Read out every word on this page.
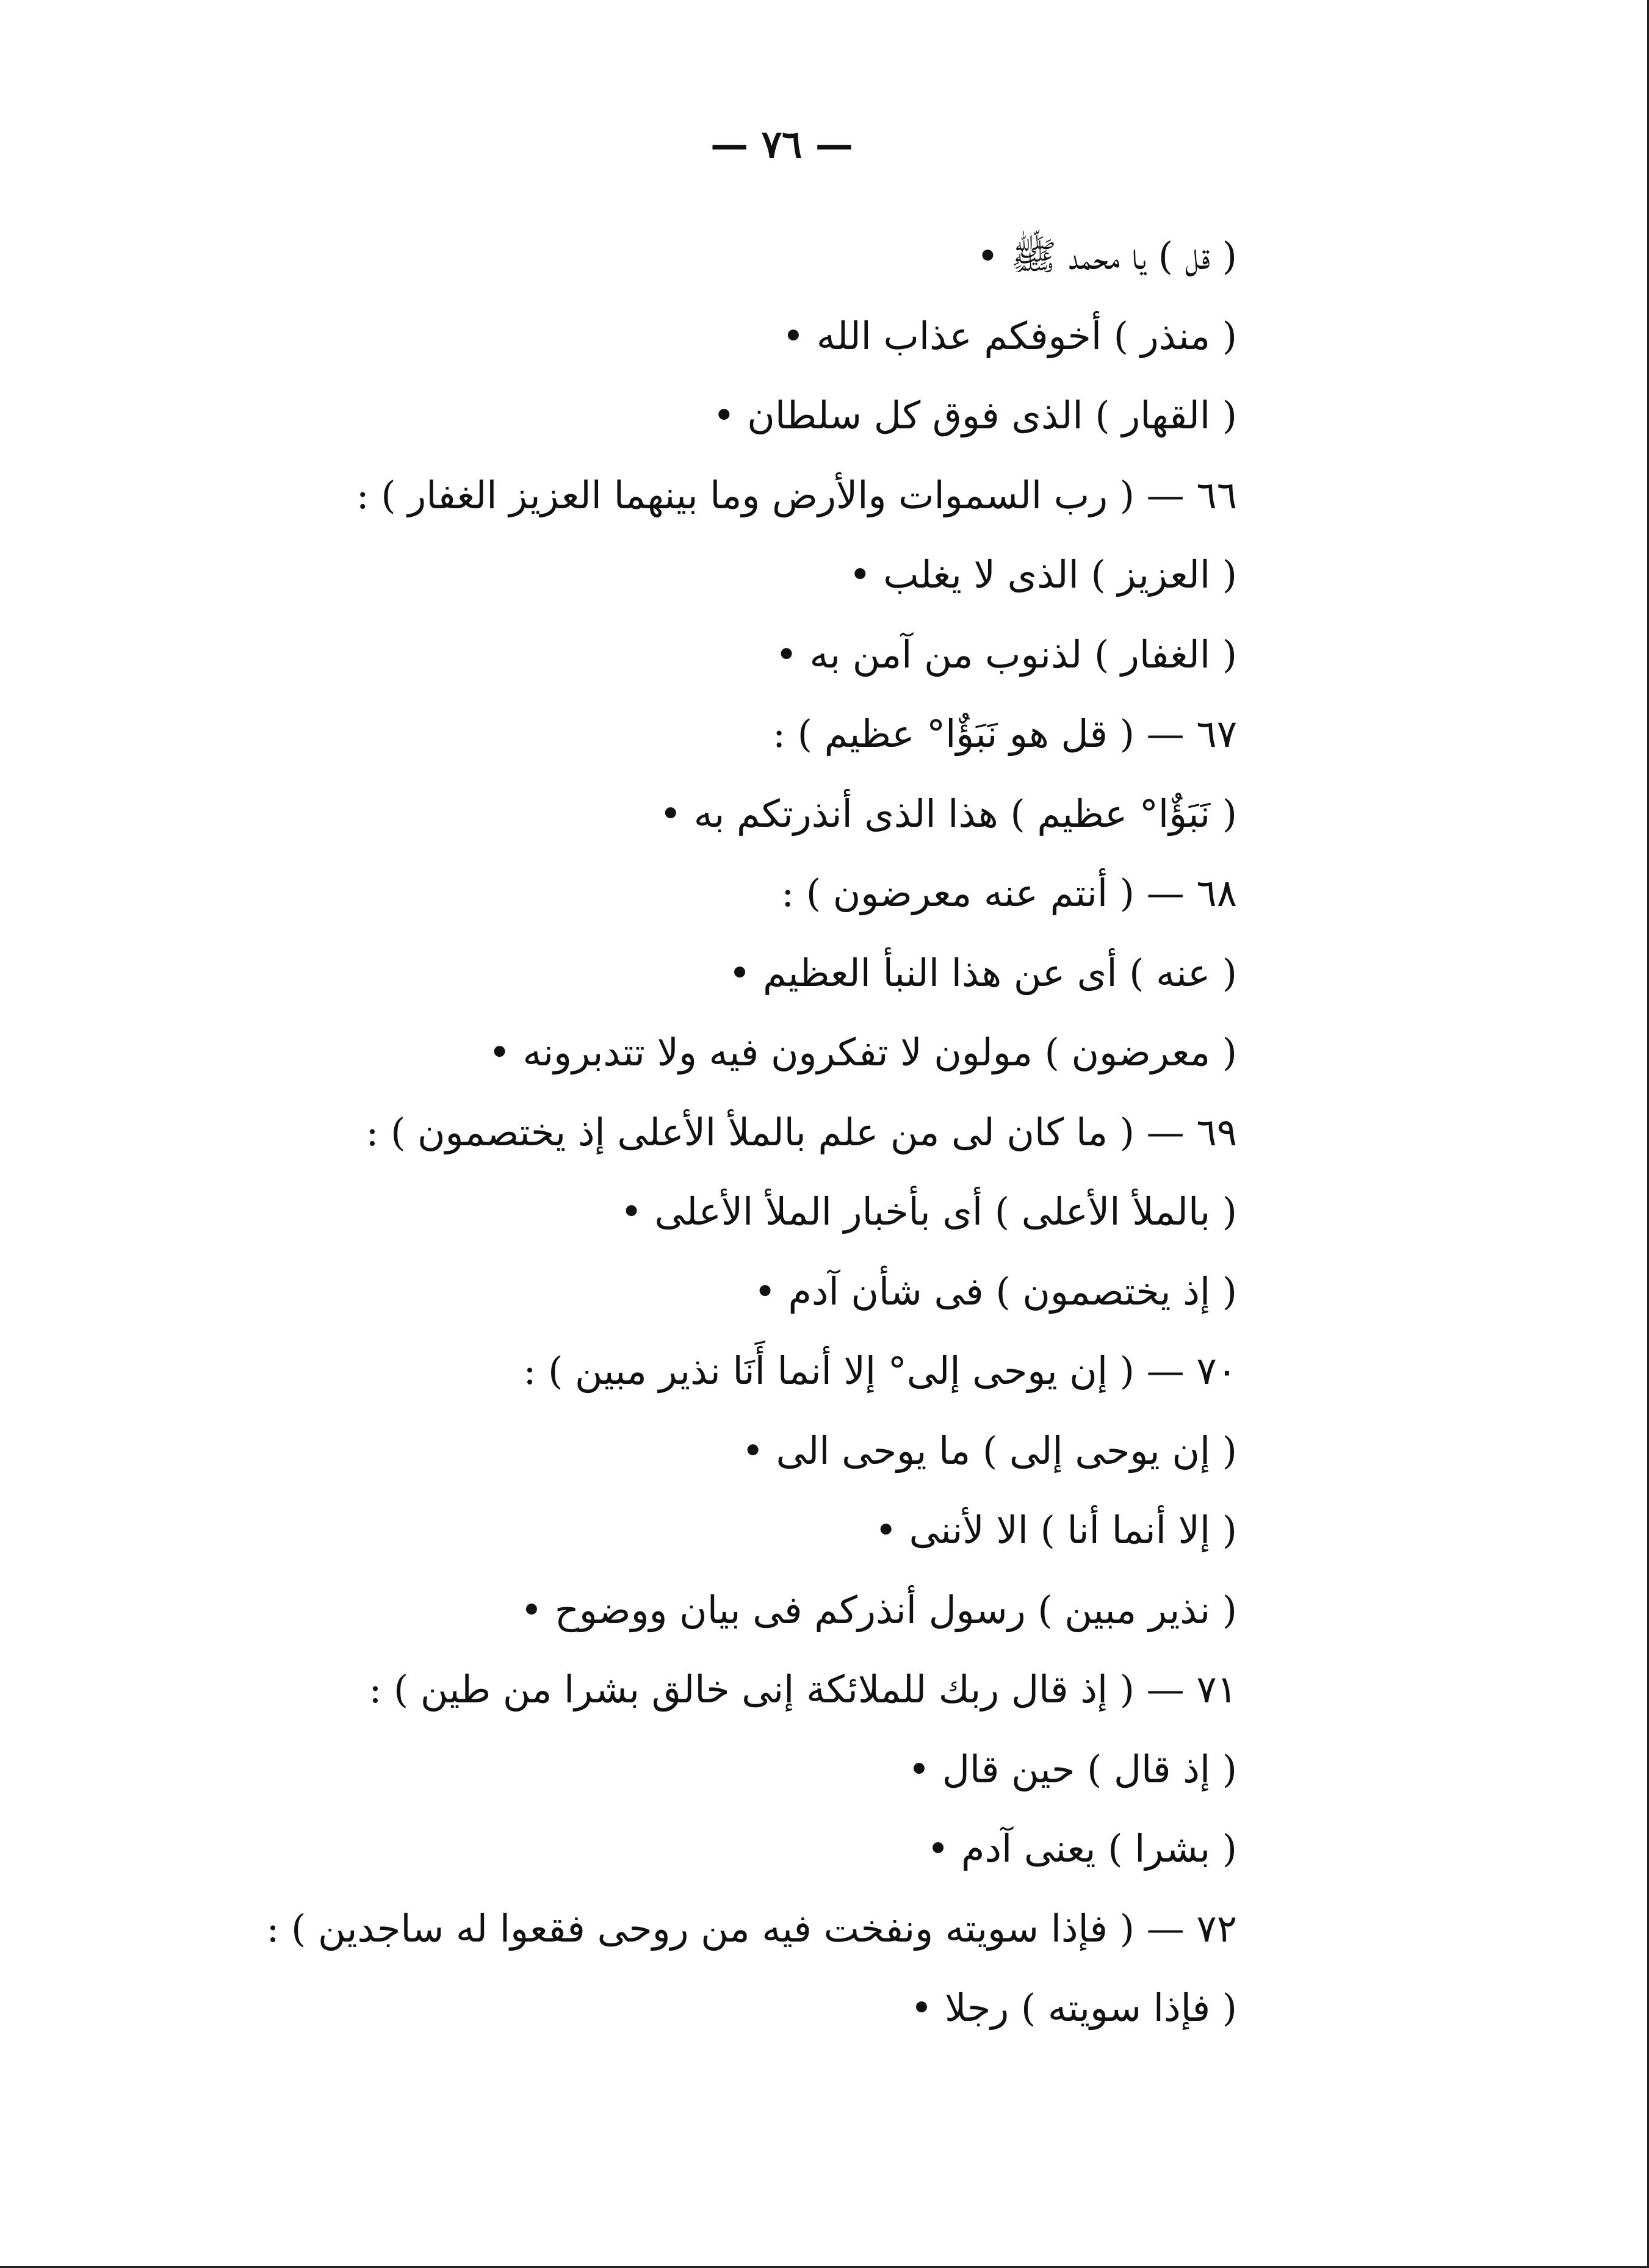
— ٧٦ —
( قل ) يا محمد ﷺ •
( منذر ) أخوفكم عذاب الله •
( القهار ) الذى فوق كل سلطان •
٦٦ — ( رب السموات والأرض وما بينهما العزيز الغفار ) :
( العزيز ) الذى لا يغلب •
( الغفار ) لذنوب من آمن به •
٦٧ — ( قل هو نَبَؤٌا° عظيم ) :
( نَبَؤٌا° عظيم ) هذا الذى أنذرتكم به •
٦٨ — ( أنتم عنه معرضون ) :
( عنه ) أى عن هذا النبأ العظيم •
( معرضون ) مولون لا تفكرون فيه ولا تتدبرونه •
٦٩ — ( ما كان لى من علم بالملأ الأعلى إذ يختصمون ) :
( بالملأ الأعلى ) أى بأخبار الملأ الأعلى •
( إذ يختصمون ) فى شأن آدم •
٧٠ — ( إن يوحى إلى° إلا أنما أَنَا نذير مبين ) :
( إن يوحى إلى ) ما يوحى الى •
( إلا أنما أنا ) الا لأننى •
( نذير مبين ) رسول أنذركم فى بيان ووضوح •
٧١ — ( إذ قال ربك للملائكة إنى خالق بشرا من طين ) :
( إذ قال ) حين قال •
( بشرا ) يعنى آدم •
٧٢ — ( فإذا سويته ونفخت فيه من روحى فقعوا له ساجدين ) :
( فإذا سويته ) رجلا •
